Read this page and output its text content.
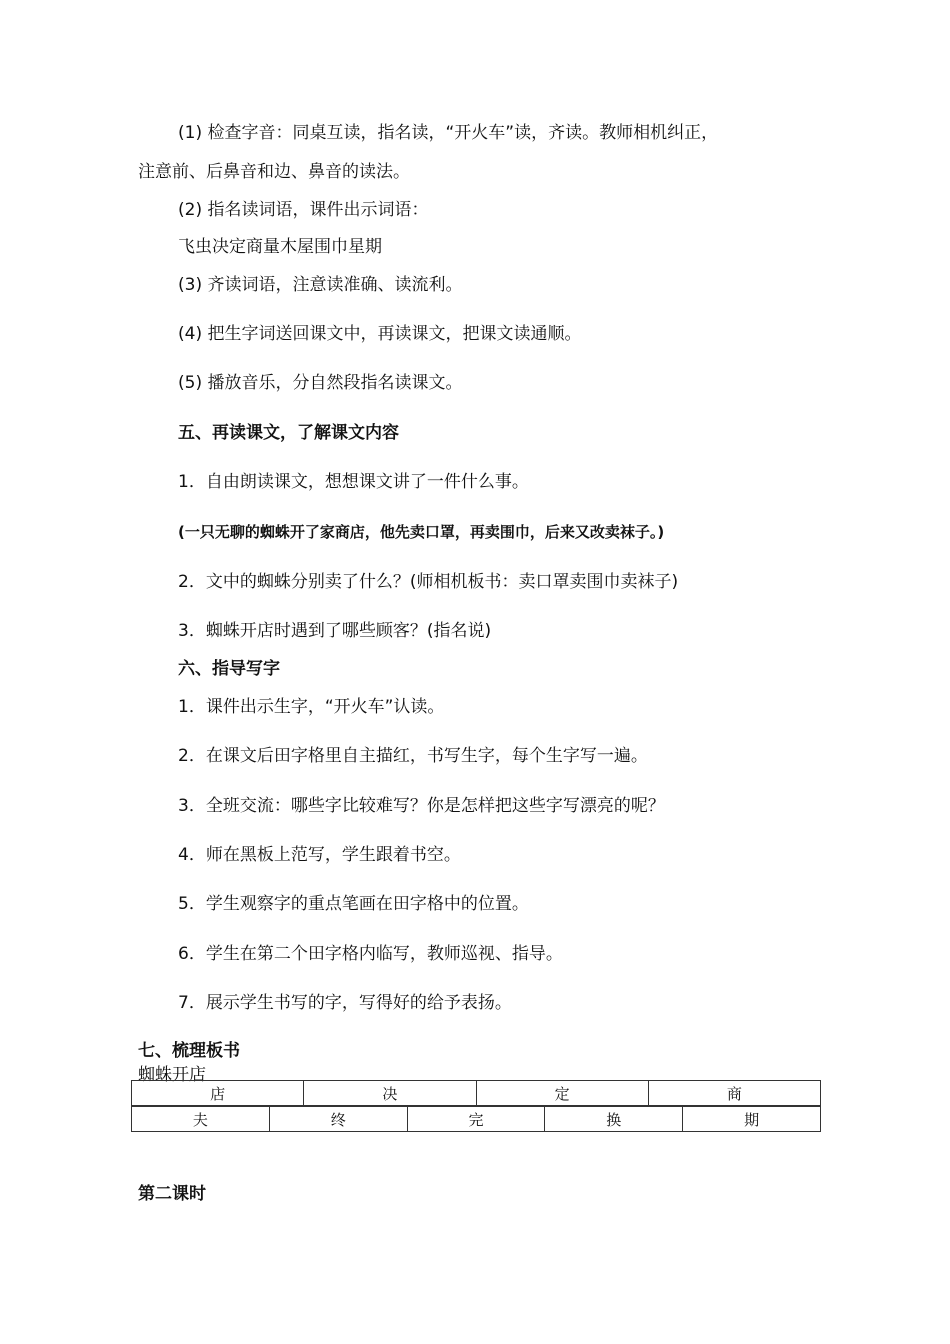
(1) 检查字音：同桌互读，指名读，“开火车”读，齐读。教师相机纠正，
注意前、后鼻音和边、鼻音的读法。
(2) 指名读词语，课件出示词语：
飞虫决定商量木屋围巾星期
(3) 齐读词语，注意读准确、读流利。
(4) 把生字词送回课文中，再读课文，把课文读通顺。
(5) 播放音乐，分自然段指名读课文。
五、再读课文，了解课文内容
1．自由朗读课文，想想课文讲了一件什么事。
(一只无聊的蜘蛛开了家商店，他先卖口罩，再卖围巾，后来又改卖袜子。)
2．文中的蜘蛛分别卖了什么？(师相机板书：卖口罩卖围巾卖袜子)
3．蜘蛛开店时遇到了哪些顾客？(指名说)
六、指导写字
1．课件出示生字，“开火车”认读。
2．在课文后田字格里自主描红，书写生字，每个生字写一遍。
3．全班交流：哪些字比较难写？你是怎样把这些字写漂亮的呢？
4．师在黑板上范写，学生跟着书空。
5．学生观察字的重点笔画在田字格中的位置。
6．学生在第二个田字格内临写，教师巡视、指导。
7．展示学生书写的字，写得好的给予表扬。
七、梳理板书
蜘蛛开店
店	决	定	商
夫	终	完	换	期
第二课时
